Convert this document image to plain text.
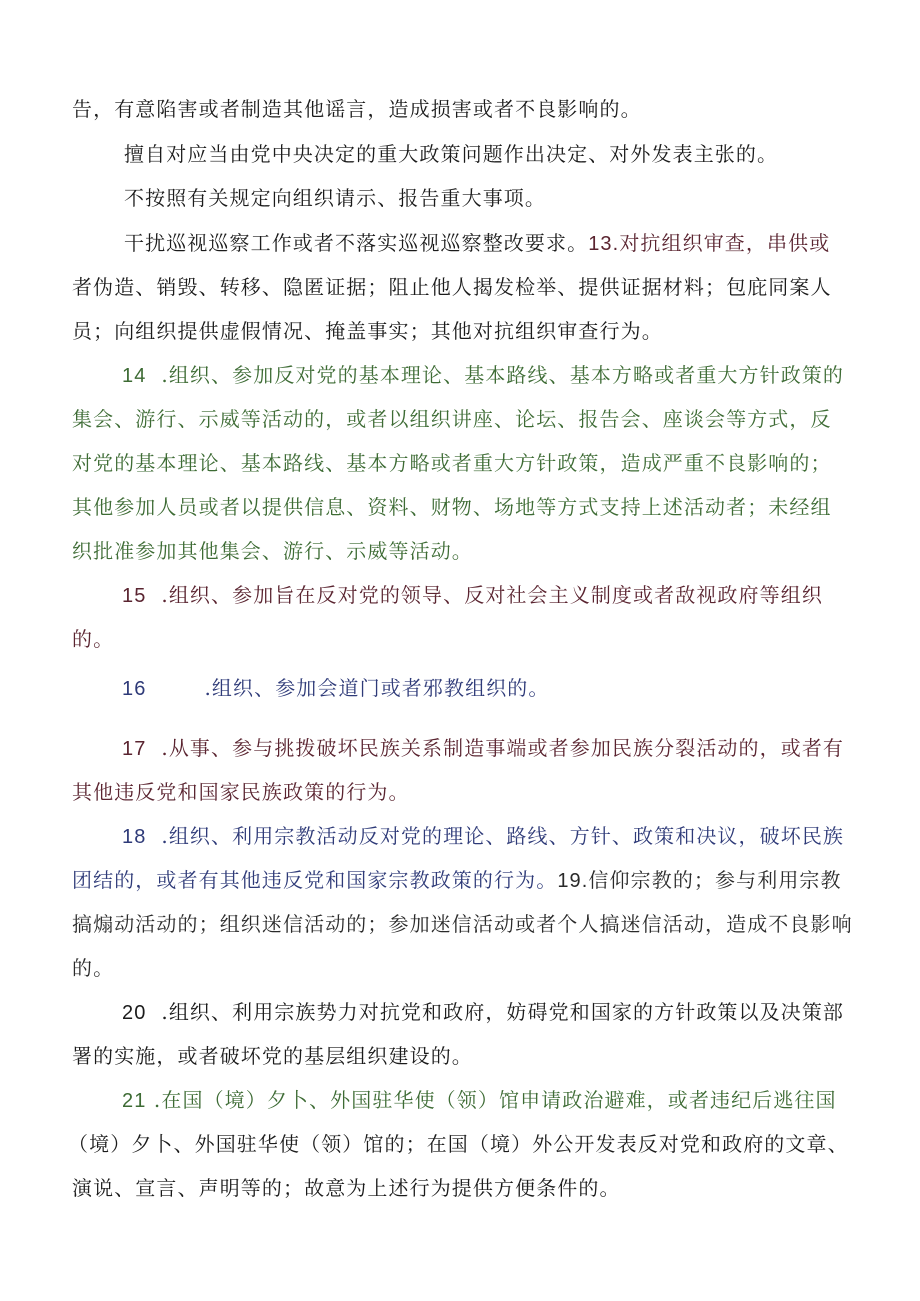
告，有意陷害或者制造其他谣言，造成损害或者不良影响的。
擅自对应当由党中央决定的重大政策问题作出决定、对外发表主张的。
不按照有关规定向组织请示、报告重大事项。
干扰巡视巡察工作或者不落实巡视巡察整改要求。13.对抗组织审查，串供或
者伪造、销毁、转移、隐匿证据；阻止他人揭发检举、提供证据材料；包庇同案人
员；向组织提供虚假情况、掩盖事实；其他对抗组织审查行为。
14 .组织、参加反对党的基本理论、基本路线、基本方略或者重大方针政策的
集会、游行、示威等活动的，或者以组织讲座、论坛、报告会、座谈会等方式，反
对党的基本理论、基本路线、基本方略或者重大方针政策，造成严重不良影响的；
其他参加人员或者以提供信息、资料、财物、场地等方式支持上述活动者；未经组
织批准参加其他集会、游行、示威等活动。
15 .组织、参加旨在反对党的领导、反对社会主义制度或者敌视政府等组织
的。
16	.组织、参加会道门或者邪教组织的。
17 .从事、参与挑拨破坏民族关系制造事端或者参加民族分裂活动的，或者有
其他违反党和国家民族政策的行为。
18 .组织、利用宗教活动反对党的理论、路线、方针、政策和决议，破坏民族
团结的，或者有其他违反党和国家宗教政策的行为。19.信仰宗教的；参与利用宗教
搞煽动活动的；组织迷信活动的；参加迷信活动或者个人搞迷信活动，造成不良影响
的。
20 .组织、利用宗族势力对抗党和政府，妨碍党和国家的方针政策以及决策部
署的实施，或者破坏党的基层组织建设的。
21 .在国（境）夕卜、外国驻华使（领）馆申请政治避难，或者违纪后逃往国
（境）夕卜、外国驻华使（领）馆的；在国（境）外公开发表反对党和政府的文章、
演说、宣言、声明等的；故意为上述行为提供方便条件的。
